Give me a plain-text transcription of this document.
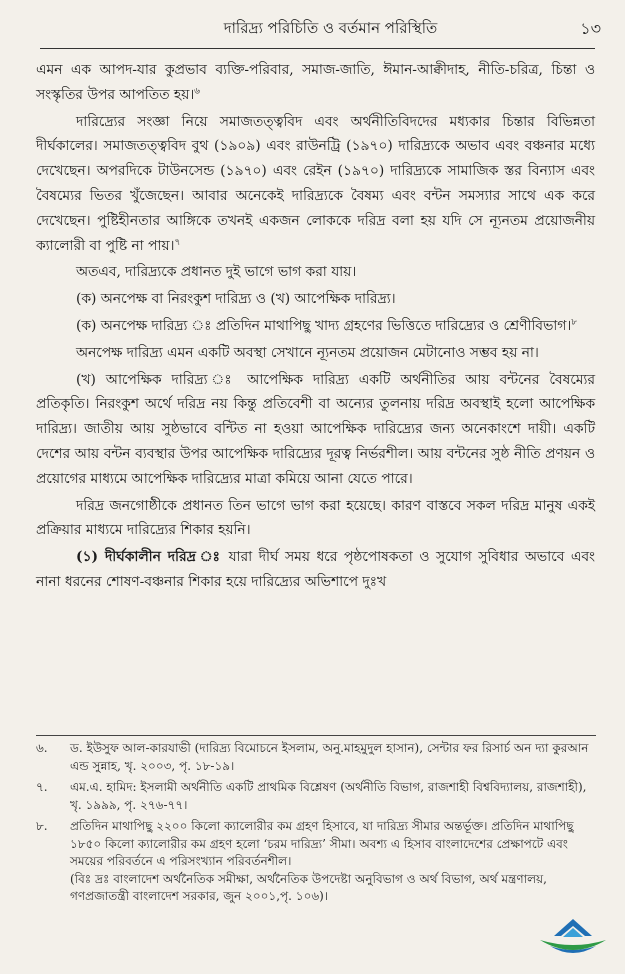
দারিদ্র্য পরিচিতি ও বর্তমান পরিস্থিতি	১৩

এমন এক আপদ-যার কুপ্রভাব ব্যক্তি-পরিবার, সমাজ-জাতি, ঈমান-আক্বীদাহ, নীতি-চরিত্র, চিন্তা ও সংস্কৃতির উপর আপতিত হয়।$^৬$

দারিদ্র্যের সংজ্ঞা নিয়ে সমাজতত্ত্ববিদ এবং অর্থনীতিবিদদের মধ্যকার চিন্তার বিভিন্নতা দীর্ঘকালের। সমাজতত্ত্ববিদ বুথ (১৯০৯) এবং রাউনট্রি (১৯৭০) দারিদ্র্যকে অভাব এবং বঞ্চনার মধ্যে দেখেছেন। অপরদিকে টাউনসেন্ড (১৯৭০) এবং রেইন (১৯৭০) দারিদ্র্যকে সামাজিক স্তর বিন্যাস এবং বৈষম্যের ভিতর খুঁজেছেন। আবার অনেকেই দারিদ্র্যকে বৈষম্য এবং বন্টন সমস্যার সাথে এক করে দেখেছেন। পুষ্টিহীনতার আঙ্গিকে তখনই একজন লোককে দরিদ্র বলা হয় যদি সে ন্যূনতম প্রয়োজনীয় ক্যালোরী বা পুষ্টি না পায়।$^৭$

অতএব, দারিদ্র্যকে প্রধানত দুই ভাগে ভাগ করা যায়।

(ক) অনপেক্ষ বা নিরংকুশ দারিদ্র্য ও (খ) আপেক্ষিক দারিদ্র্য।

(ক) অনপেক্ষ দারিদ্র্য ঃ প্রতিদিন মাথাপিছু খাদ্য গ্রহণের ভিত্তিতে দারিদ্র্যের ও শ্রেণীবিভাগ।$^৮$

অনপেক্ষ দারিদ্র্য এমন একটি অবস্থা সেখানে ন্যূনতম প্রয়োজন মেটানোও সম্ভব হয় না।

(খ) আপেক্ষিক দারিদ্র্য ঃ আপেক্ষিক দারিদ্র্য একটি অর্থনীতির আয় বন্টনের বৈষম্যের প্রতিকৃতি। নিরংকুশ অর্থে দরিদ্র নয় কিন্তু প্রতিবেশী বা অন্যের তুলনায় দরিদ্র অবস্থাই হলো আপেক্ষিক দারিদ্র্য। জাতীয় আয় সুষ্ঠভাবে বন্টিত না হওয়া আপেক্ষিক দারিদ্র্যের জন্য অনেকাংশে দায়ী। একটি দেশের আয় বন্টন ব্যবস্থার উপর আপেক্ষিক দারিদ্র্যের দূরত্ব নির্ভরশীল। আয় বন্টনের সুষ্ঠ নীতি প্রণয়ন ও প্রয়োগের মাধ্যমে আপেক্ষিক দারিদ্র্যের মাত্রা কমিয়ে আনা যেতে পারে।

দরিদ্র জনগোষ্ঠীকে প্রধানত তিন ভাগে ভাগ করা হয়েছে। কারণ বাস্তবে সকল দরিদ্র মানুষ একই প্রক্রিয়ার মাধ্যমে দারিদ্র্যের শিকার হয়নি।

(১) দীর্ঘকালীন দরিদ্র ঃ যারা দীর্ঘ সময় ধরে পৃষ্ঠপোষকতা ও সুযোগ সুবিধার অভাবে এবং নানা ধরনের শোষণ-বঞ্চনার শিকার হয়ে দারিদ্র্যের অভিশাপে দুঃখ

৬.	ড. ইউসুফ আল-কারযাভী (দারিদ্র্য বিমোচনে ইসলাম, অনু.মাহমুদুল হাসান), সেন্টার ফর রিসার্চ অন দ্যা কুরআন এন্ড সুন্নাহ, খৃ. ২০০৩, পৃ. ১৮-১৯।
৭.	এম.এ. হামিদ: ইসলামী অর্থনীতি একটি প্রাথমিক বিশ্লেষণ (অর্থনীতি বিভাগ, রাজশাহী বিশ্ববিদ্যালয়, রাজশাহী), খৃ. ১৯৯৯, পৃ. ২৭৬-৭৭।
৮.	প্রতিদিন মাথাপিছু ২২০০ কিলো ক্যালোরীর কম গ্রহণ হিসাবে, যা দারিদ্র্য সীমার অন্তর্ভূক্ত। প্রতিদিন মাথাপিছু ১৮৫০ কিলো ক্যালোরীর কম গ্রহণ হলো ‘চরম দারিদ্র্য’ সীমা। অবশ্য এ হিসাব বাংলাদেশের প্রেক্ষাপটে এবং সময়ের পরিবর্তনে এ পরিসংখ্যান পরিবর্তনশীল।
(বিঃ দ্রঃ বাংলাদেশ অর্থনৈতিক সমীক্ষা, অর্থনৈতিক উপদেষ্টা অনুবিভাগ ও অর্থ বিভাগ, অর্থ মন্ত্রণালয়, গণপ্রজাতন্ত্রী বাংলাদেশ সরকার, জুন ২০০১,পৃ. ১০৬)।
